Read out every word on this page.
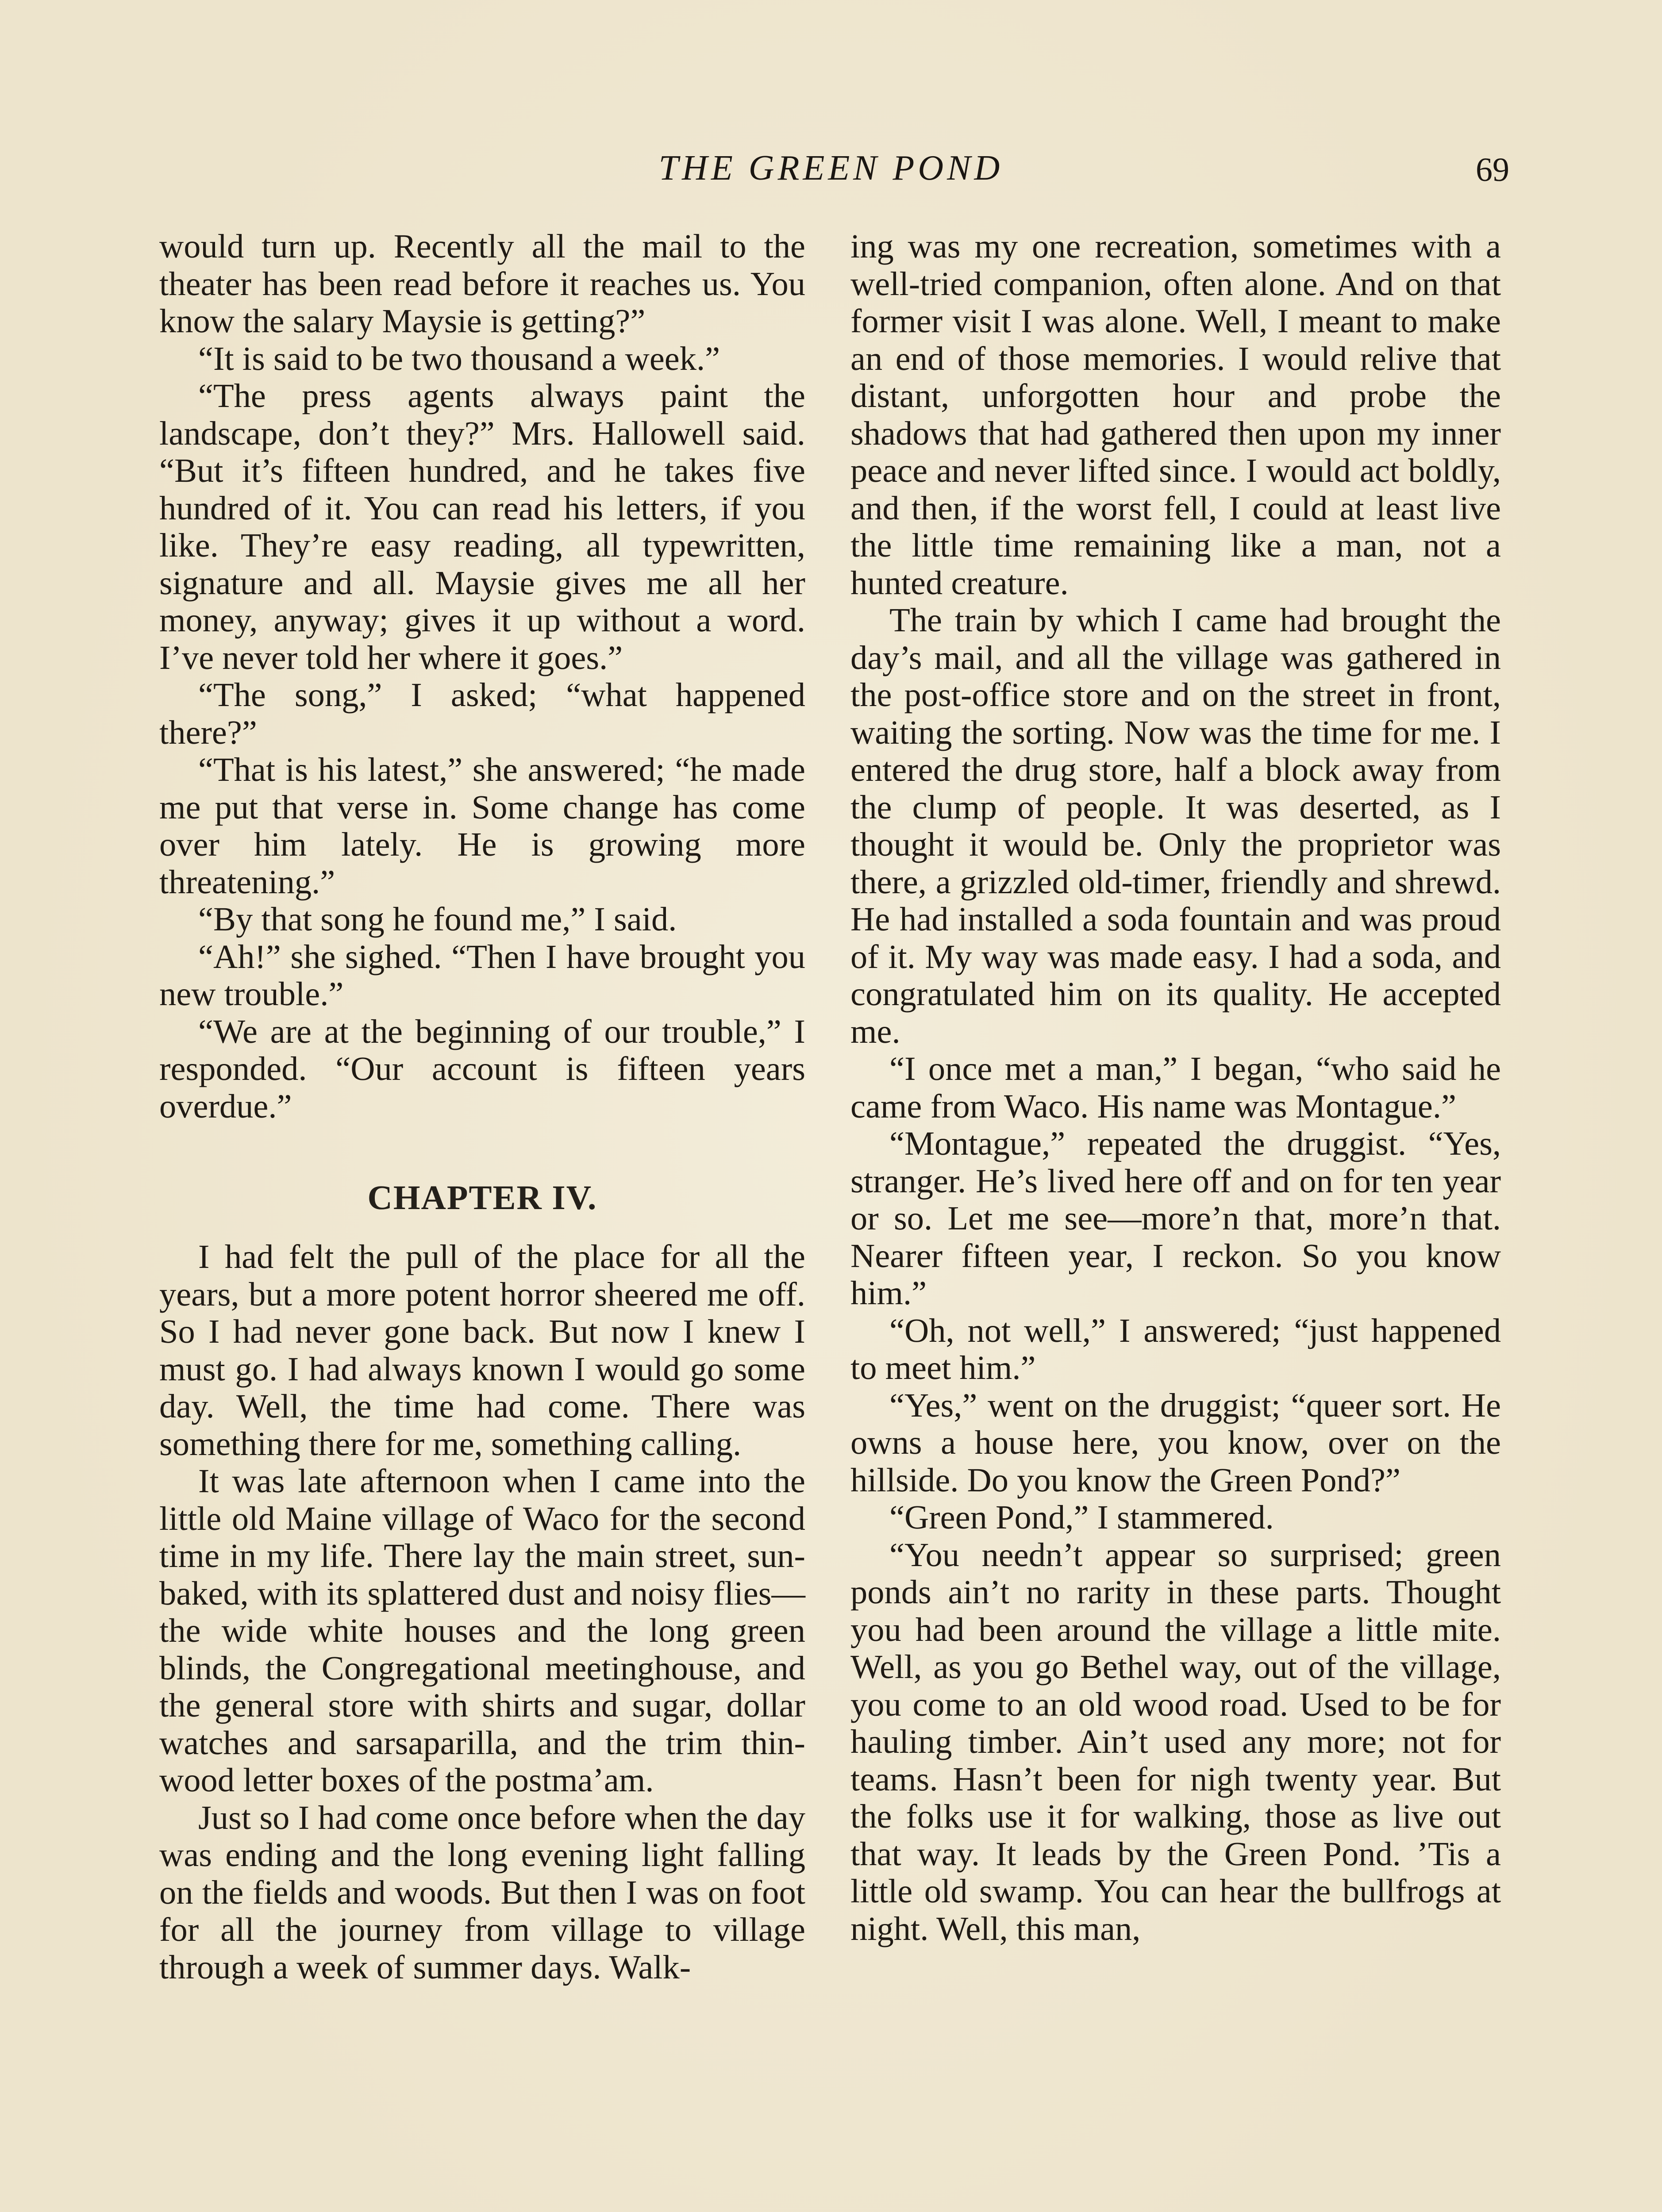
THE GREEN POND	69

would turn up. Recently all the mail to the theater has been read before it reaches us. You know the salary Maysie is getting?”

“It is said to be two thousand a week.”

“The press agents always paint the landscape, don’t they?” Mrs. Hallowell said. “But it’s fifteen hundred, and he takes five hundred of it. You can read his letters, if you like. They’re easy reading, all typewritten, signature and all. Maysie gives me all her money, anyway; gives it up without a word. I’ve never told her where it goes.”

“The song,” I asked; “what happened there?”

“That is his latest,” she answered; “he made me put that verse in. Some change has come over him lately. He is growing more threatening.”

“By that song he found me,” I said.

“Ah!” she sighed. “Then I have brought you new trouble.”

“We are at the beginning of our trouble,” I responded. “Our account is fifteen years overdue.”

CHAPTER IV.

I had felt the pull of the place for all the years, but a more potent horror sheered me off. So I had never gone back. But now I knew I must go. I had always known I would go some day. Well, the time had come. There was something there for me, something calling.

It was late afternoon when I came into the little old Maine village of Waco for the second time in my life. There lay the main street, sun-baked, with its splattered dust and noisy flies—the wide white houses and the long green blinds, the Congregational meetinghouse, and the general store with shirts and sugar, dollar watches and sarsaparilla, and the trim thin-wood letter boxes of the postma’am.

Just so I had come once before when the day was ending and the long evening light falling on the fields and woods. But then I was on foot for all the journey from village to village through a week of summer days. Walk-

ing was my one recreation, sometimes with a well-tried companion, often alone. And on that former visit I was alone. Well, I meant to make an end of those memories. I would relive that distant, unforgotten hour and probe the shadows that had gathered then upon my inner peace and never lifted since. I would act boldly, and then, if the worst fell, I could at least live the little time remaining like a man, not a hunted creature.

The train by which I came had brought the day’s mail, and all the village was gathered in the post-office store and on the street in front, waiting the sorting. Now was the time for me. I entered the drug store, half a block away from the clump of people. It was deserted, as I thought it would be. Only the proprietor was there, a grizzled old-timer, friendly and shrewd. He had installed a soda fountain and was proud of it. My way was made easy. I had a soda, and congratulated him on its quality. He accepted me.

“I once met a man,” I began, “who said he came from Waco. His name was Montague.”

“Montague,” repeated the druggist. “Yes, stranger. He’s lived here off and on for ten year or so. Let me see—more’n that, more’n that. Nearer fifteen year, I reckon. So you know him.”

“Oh, not well,” I answered; “just happened to meet him.”

“Yes,” went on the druggist; “queer sort. He owns a house here, you know, over on the hillside. Do you know the Green Pond?”

“Green Pond,” I stammered.

“You needn’t appear so surprised; green ponds ain’t no rarity in these parts. Thought you had been around the village a little mite. Well, as you go Bethel way, out of the village, you come to an old wood road. Used to be for hauling timber. Ain’t used any more; not for teams. Hasn’t been for nigh twenty year. But the folks use it for walking, those as live out that way. It leads by the Green Pond. ’Tis a little old swamp. You can hear the bullfrogs at night. Well, this man,
